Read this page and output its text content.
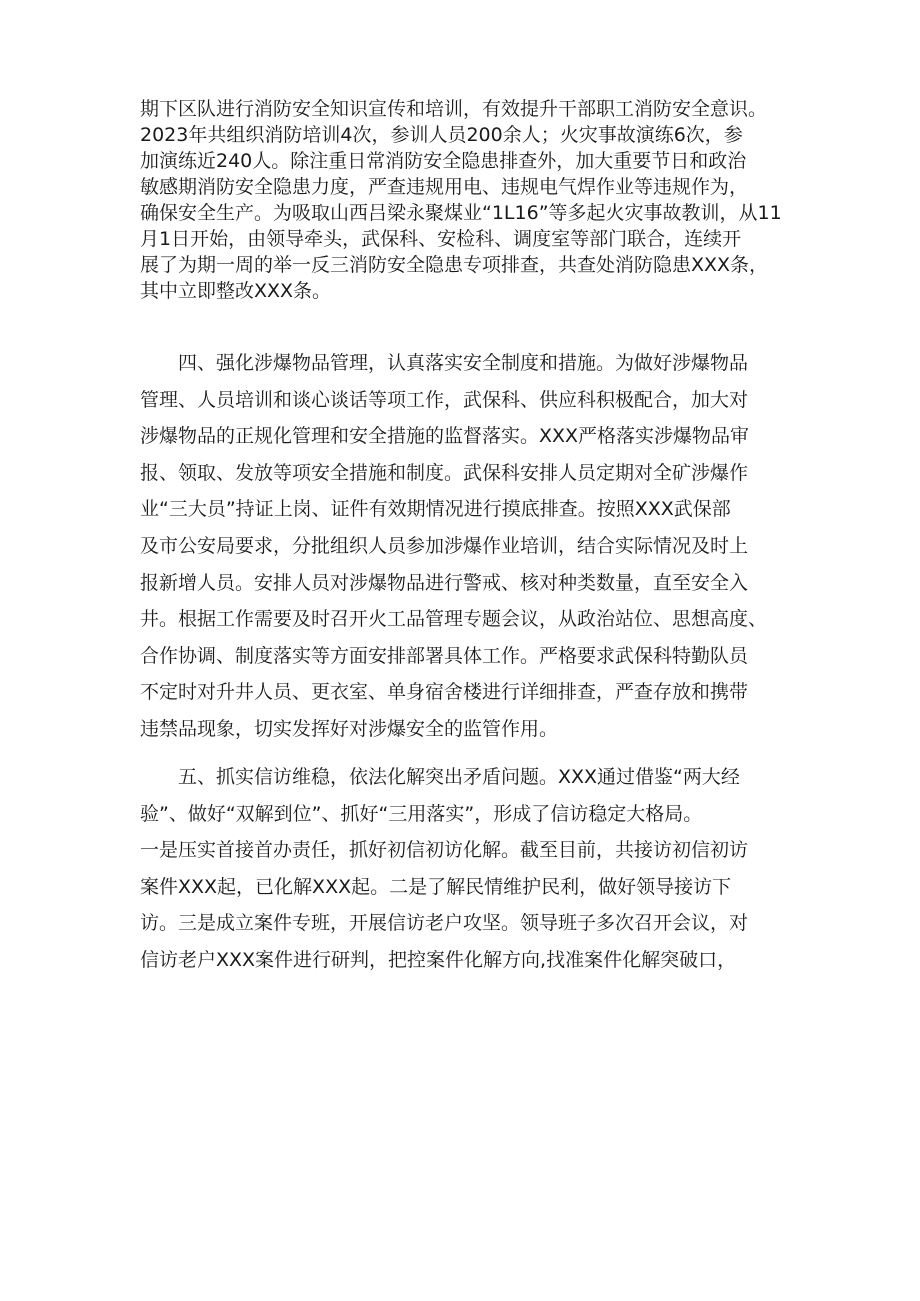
期下区队进行消防安全知识宣传和培训，有效提升干部职工消防安全意识。
2023年共组织消防培训4次，参训人员200余人；火灾事故演练6次，参
加演练近240人。除注重日常消防安全隐患排查外，加大重要节日和政治
敏感期消防安全隐患力度，严查违规用电、违规电气焊作业等违规作为，
确保安全生产。为吸取山西吕梁永聚煤业“1L16”等多起火灾事故教训，从11
月1日开始，由领导牵头，武保科、安检科、调度室等部门联合，连续开
展了为期一周的举一反三消防安全隐患专项排查，共查处消防隐患XXX条，
其中立即整改XXX条。
四、强化涉爆物品管理，认真落实安全制度和措施。为做好涉爆物品
管理、人员培训和谈心谈话等项工作，武保科、供应科积极配合，加大对
涉爆物品的正规化管理和安全措施的监督落实。XXX严格落实涉爆物品审
报、领取、发放等项安全措施和制度。武保科安排人员定期对全矿涉爆作
业“三大员”持证上岗、证件有效期情况进行摸底排查。按照XXX武保部
及市公安局要求，分批组织人员参加涉爆作业培训，结合实际情况及时上
报新增人员。安排人员对涉爆物品进行警戒、核对种类数量，直至安全入
井。根据工作需要及时召开火工品管理专题会议，从政治站位、思想高度、
合作协调、制度落实等方面安排部署具体工作。严格要求武保科特勤队员
不定时对升井人员、更衣室、单身宿舍楼进行详细排查，严查存放和携带
违禁品现象，切实发挥好对涉爆安全的监管作用。
五、抓实信访维稳，依法化解突出矛盾问题。XXX通过借鉴“两大经
验”、做好“双解到位”、抓好“三用落实”，形成了信访稳定大格局。
一是压实首接首办责任，抓好初信初访化解。截至目前，共接访初信初访
案件XXX起，已化解XXX起。二是了解民情维护民利，做好领导接访下
访。三是成立案件专班，开展信访老户攻坚。领导班子多次召开会议，对
信访老户XXX案件进行研判，把控案件化解方向,找准案件化解突破口，
